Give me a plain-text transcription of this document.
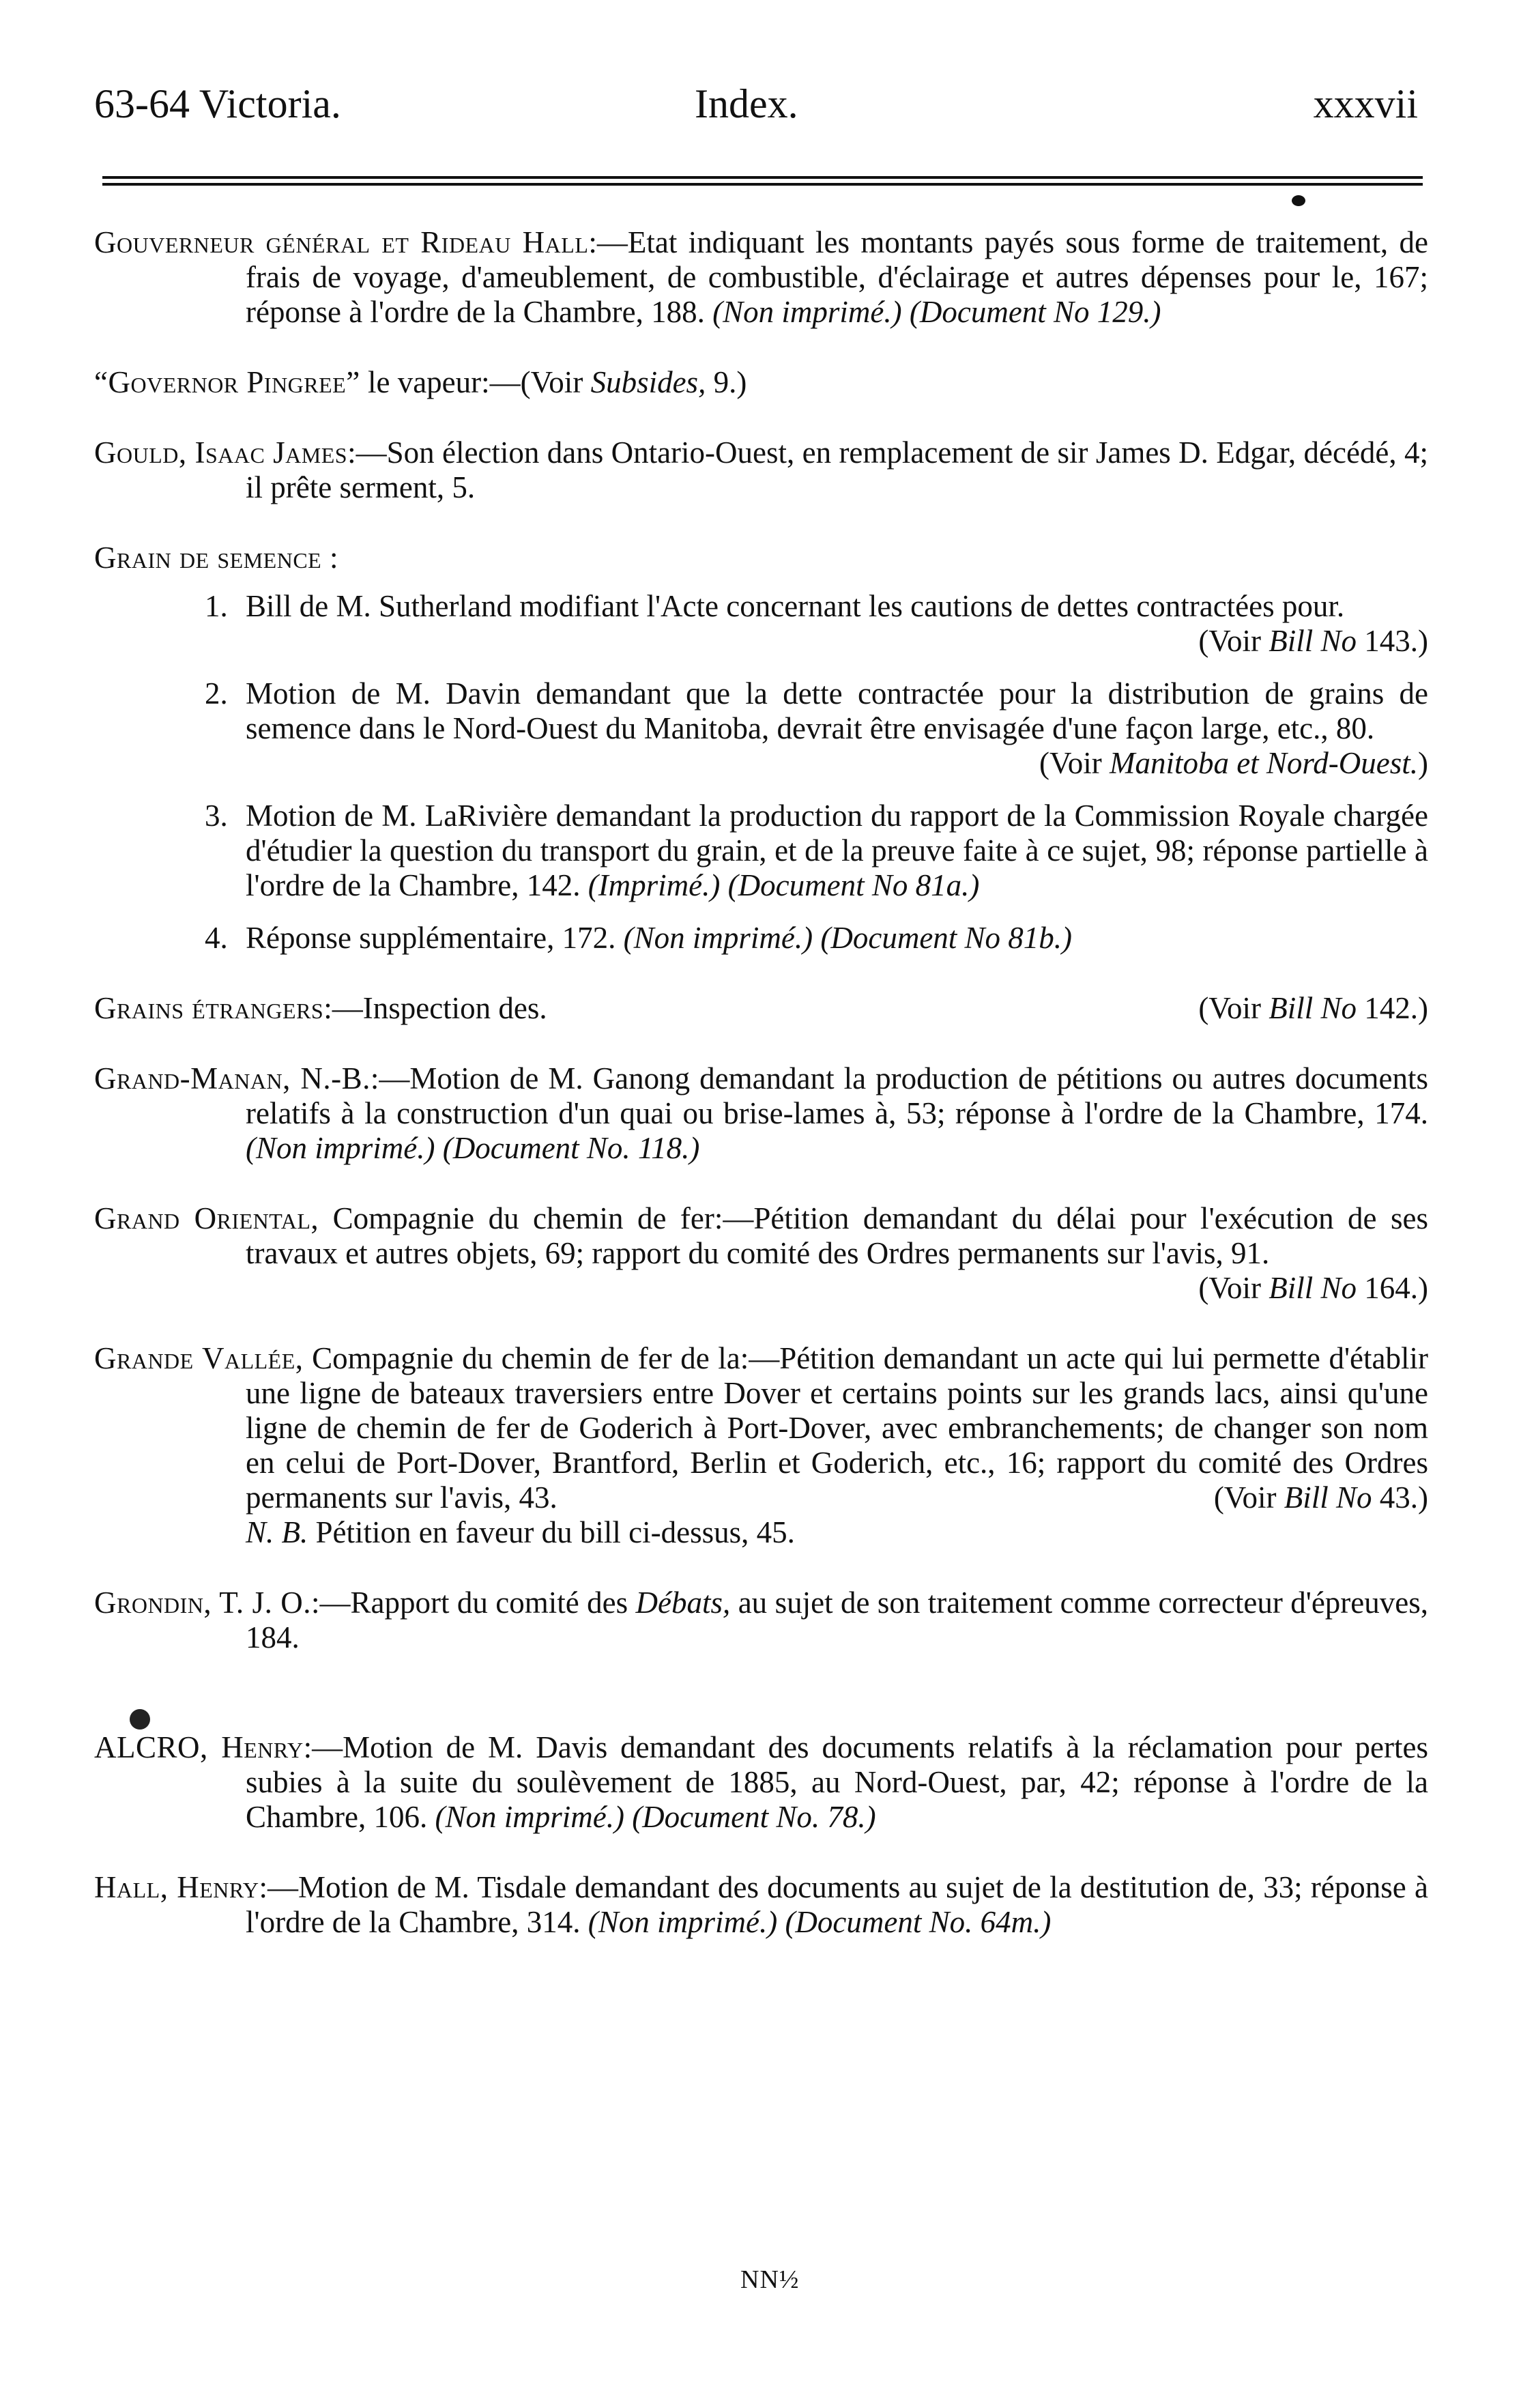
63-64 Victoria.	Index.	xxxvii
Gouverneur général et Rideau Hall:—Etat indiquant les montants payés sous forme de traitement, de frais de voyage, d'ameublement, de combustible, d'éclairage et autres dépenses pour le, 167; réponse à l'ordre de la Chambre, 188. (Non imprimé.) (Document No 129.)
“Governor Pingree” le vapeur:—(Voir Subsides, 9.)
Gould, Isaac James:—Son élection dans Ontario-Ouest, en remplacement de sir James D. Edgar, décédé, 4; il prête serment, 5.
Grain de semence :
1. Bill de M. Sutherland modifiant l'Acte concernant les cautions de dettes contractées pour.
(Voir Bill No 143.)
2. Motion de M. Davin demandant que la dette contractée pour la distribution de grains de semence dans le Nord-Ouest du Manitoba, devrait être envisagée d'une façon large, etc., 80.
(Voir Manitoba et Nord-Ouest.)
3. Motion de M. LaRivière demandant la production du rapport de la Commission Royale chargée d'étudier la question du transport du grain, et de la preuve faite à ce sujet, 98; réponse partielle à l'ordre de la Chambre, 142. (Imprimé.) (Document No 81a.)
4. Réponse supplémentaire, 172. (Non imprimé.) (Document No 81b.)
Grains étrangers:—Inspection des.	(Voir Bill No 142.)
Grand-Manan, N.-B.:—Motion de M. Ganong demandant la production de pétitions ou autres documents relatifs à la construction d'un quai ou brise-lames à, 53; réponse à l'ordre de la Chambre, 174. (Non imprimé.) (Document No. 118.)
Grand Oriental, Compagnie du chemin de fer:—Pétition demandant du délai pour l'exécution de ses travaux et autres objets, 69; rapport du comité des Ordres permanents sur l'avis, 91.
(Voir Bill No 164.)
Grande Vallée, Compagnie du chemin de fer de la:—Pétition demandant un acte qui lui permette d'établir une ligne de bateaux traversiers entre Dover et certains points sur les grands lacs, ainsi qu'une ligne de chemin de fer de Goderich à Port-Dover, avec embranchements; de changer son nom en celui de Port-Dover, Brantford, Berlin et Goderich, etc., 16; rapport du comité des Ordres permanents sur l'avis, 43.	(Voir Bill No 43.)
N. B. Pétition en faveur du bill ci-dessus, 45.
Grondin, T. J. O.:—Rapport du comité des Débats, au sujet de son traitement comme correcteur d'épreuves, 184.
ALCRO, Henry:—Motion de M. Davis demandant des documents relatifs à la réclamation pour pertes subies à la suite du soulèvement de 1885, au Nord-Ouest, par, 42; réponse à l'ordre de la Chambre, 106. (Non imprimé.) (Document No. 78.)
Hall, Henry:—Motion de M. Tisdale demandant des documents au sujet de la destitution de, 33; réponse à l'ordre de la Chambre, 314. (Non imprimé.) (Document No. 64m.)
NN½
